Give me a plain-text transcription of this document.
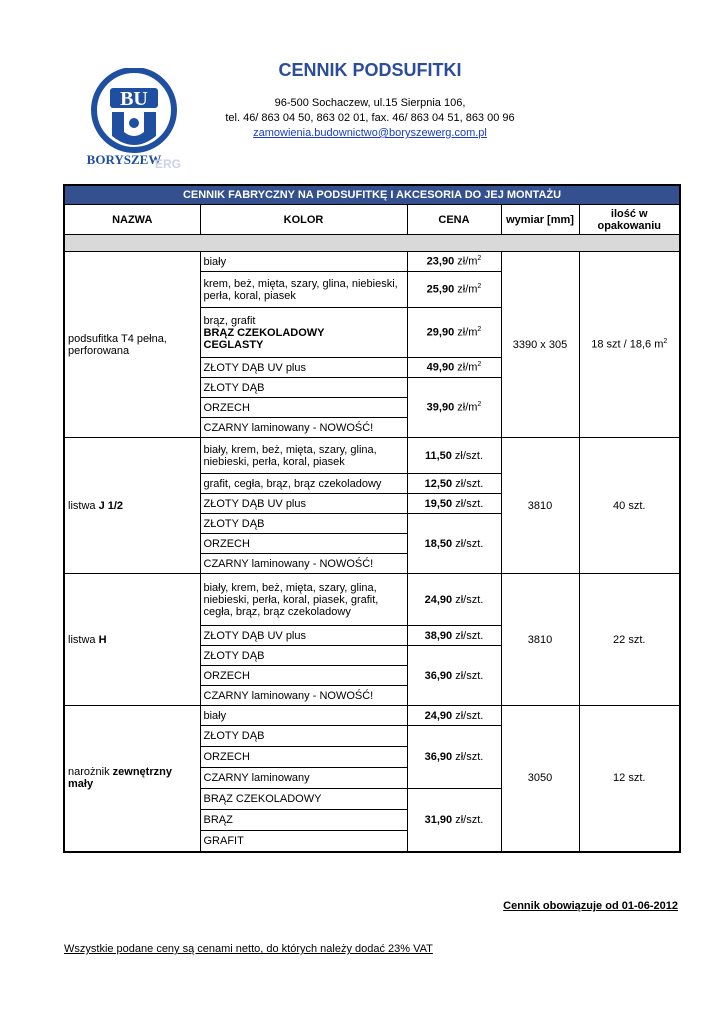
BU
BORYSZEW
ERG
CENNIK PODSUFITKI
96-500 Sochaczew, ul.15 Sierpnia 106,
tel. 46/ 863 04 50, 863 02 01, fax. 46/ 863 04 51, 863 00 96
zamowienia.budownictwo@boryszewerg.com.pl
CENNIK FABRYCZNY NA PODSUFITKĘ I AKCESORIA DO JEJ MONTAŻU				
NAZWA	KOLOR	CENA	wymiar [mm]	ilość w opakowaniu

podsufitka T4 pełna, perforowana	biały	23,90 $zł/m^2$	3390 x 305	18 szt / 18,6 $m^2$
	krem, beż, mięta, szary, glina, niebieski, perła, koral, piasek	25,90 $zł/m^2$
	brąz, grafit
BRĄZ CZEKOLADOWY
CEGLASTY	29,90 $zł/m^2$
	ZŁOTY DĄB UV plus	49,90 $zł/m^2$
	ZŁOTY DĄB	39,90 $zł/m^2$
	ORZECH			
	CZARNY laminowany - NOWOŚĆ!			
listwa J 1/2	biały, krem, beż, mięta, szary, glina, niebieski, perła, koral, piasek	11,50 zł/szt.	3810	40 szt.
	grafit, cegła, brąz, brąz czekoladowy	12,50 zł/szt.		
	ZŁOTY DĄB UV plus	19,50 zł/szt.		
	ZŁOTY DĄB	18,50 zł/szt.		
	ORZECH			
	CZARNY laminowany - NOWOŚĆ!			
listwa H	biały, krem, beż, mięta, szary, glina, niebieski, perła, koral, piasek, grafit, cegła, brąz, brąz czekoladowy	24,90 zł/szt.	3810	22 szt.
	ZŁOTY DĄB UV plus	38,90 zł/szt.		
	ZŁOTY DĄB	36,90 zł/szt.		
	ORZECH			
	CZARNY laminowany - NOWOŚĆ!			
narożnik zewnętrzny mały	biały	24,90 zł/szt.	3050	12 szt.
	ZŁOTY DĄB	36,90 zł/szt.		
	ORZECH			
	CZARNY laminowany			
	BRĄZ CZEKOLADOWY	31,90 zł/szt.		
	BRĄZ			
	GRAFIT			
Cennik obowiązuje od 01-06-2012
Wszystkie podane ceny są cenami netto, do których należy dodać 23% VAT
